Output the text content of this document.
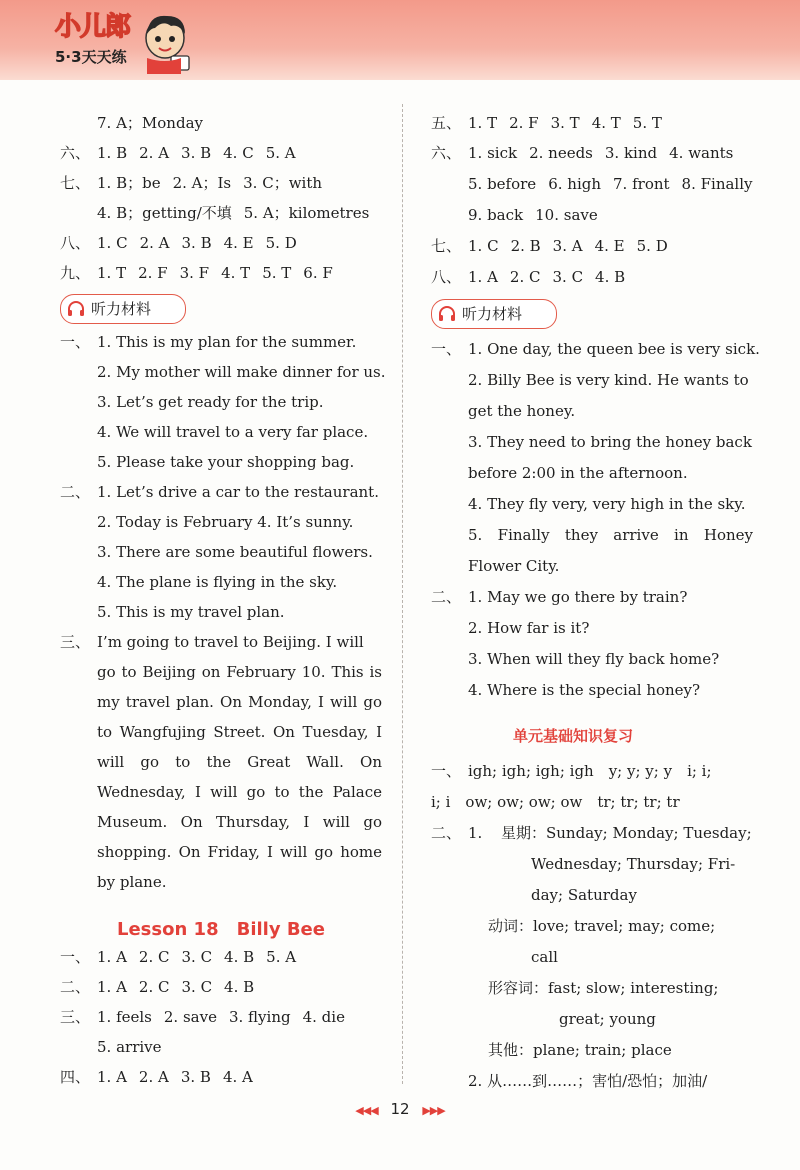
小儿郎
5·3天天练
7. A；Monday
六、 1. B 2. A 3. B 4. C 5. A
七、 1. B；be 2. A；Is 3. C；with
4. B；getting/不填 5. A；kilometres
八、 1. C 2. A 3. B 4. E 5. D
九、 1. T 2. F 3. F 4. T 5. T 6. F
听力材料
一、 1. This is my plan for the summer.
2. My mother will make dinner for us.
3. Let’s get ready for the trip.
4. We will travel to a very far place.
5. Please take your shopping bag.
二、 1. Let’s drive a car to the restaurant.
2. Today is February 4. It’s sunny.
3. There are some beautiful flowers.
4. The plane is flying in the sky.
5. This is my travel plan.
三、 I’m going to travel to Beijing. I will
go to Beijing on February 10. This is
my travel plan. On Monday, I will go
to Wangfujing Street. On Tuesday, I
will go to the Great Wall. On
Wednesday, I will go to the Palace
Museum. On Thursday, I will go
shopping. On Friday, I will go home
by plane.
Lesson 18　Billy Bee
一、 1. A 2. C 3. C 4. B 5. A
二、 1. A 2. C 3. C 4. B
三、 1. feels 2. save 3. flying 4. die
5. arrive
四、 1. A 2. A 3. B 4. A
五、 1. T 2. F 3. T 4. T 5. T
六、 1. sick 2. needs 3. kind 4. wants
5. before 6. high 7. front 8. Finally
9. back 10. save
七、 1. C 2. B 3. A 4. E 5. D
八、 1. A 2. C 3. C 4. B
听力材料
一、 1. One day, the queen bee is very sick.
2. Billy Bee is very kind. He wants to
get the honey.
3. They need to bring the honey back
before 2:00 in the afternoon.
4. They fly very, very high in the sky.
5. Finally they arrive in Honey
Flower City.
二、 1. May we go there by train?
2. How far is it?
3. When will they fly back home?
4. Where is the special honey?
单元基础知识复习
一、 igh; igh; igh; igh　y; y; y; y　i; i;
i; i　ow; ow; ow; ow　tr; tr; tr; tr
二、 1. 星期：Sunday; Monday; Tuesday;
Wednesday; Thursday; Fri-
day; Saturday
动词：love; travel; may; come;
call
形容词：fast; slow; interesting;
great; young
其他：plane; train; place
2. 从……到……；害怕/恐怕；加油/
◀◀◀ 12 ▶▶▶
